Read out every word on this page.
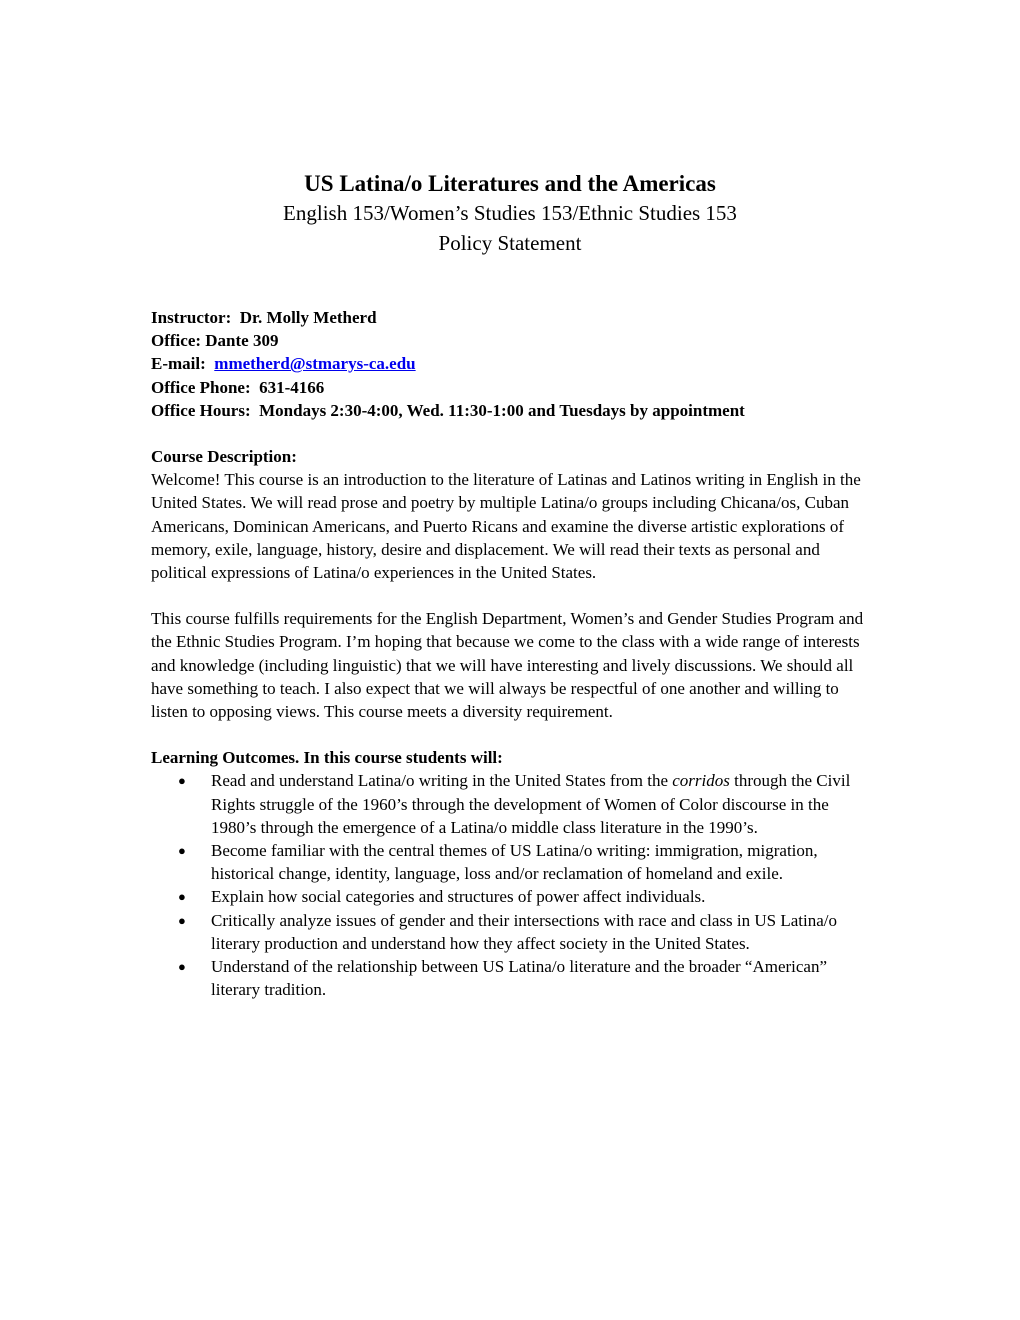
US Latina/o Literatures and the Americas
English 153/Women’s Studies 153/Ethnic Studies 153
Policy Statement
Instructor: Dr. Molly Metherd
Office: Dante 309
E-mail: mmetherd@stmarys-ca.edu
Office Phone: 631-4166
Office Hours: Mondays 2:30-4:00, Wed. 11:30-1:00 and Tuesdays by appointment
Course Description:

Welcome! This course is an introduction to the literature of Latinas and Latinos writing in English in the United States. We will read prose and poetry by multiple Latina/o groups including Chicana/os, Cuban Americans, Dominican Americans, and Puerto Ricans and examine the diverse artistic explorations of memory, exile, language, history, desire and displacement. We will read their texts as personal and political expressions of Latina/o experiences in the United States.

This course fulfills requirements for the English Department, Women’s and Gender Studies Program and the Ethnic Studies Program. I’m hoping that because we come to the class with a wide range of interests and knowledge (including linguistic) that we will have interesting and lively discussions. We should all have something to teach. I also expect that we will always be respectful of one another and willing to listen to opposing views. This course meets a diversity requirement.

Learning Outcomes. In this course students will:
● Read and understand Latina/o writing in the United States from the corridos through the Civil Rights struggle of the 1960’s through the development of Women of Color discourse in the 1980’s through the emergence of a Latina/o middle class literature in the 1990’s.
● Become familiar with the central themes of US Latina/o writing: immigration, migration, historical change, identity, language, loss and/or reclamation of homeland and exile.
● Explain how social categories and structures of power affect individuals.
● Critically analyze issues of gender and their intersections with race and class in US Latina/o literary production and understand how they affect society in the United States.
● Understand of the relationship between US Latina/o literature and the broader “American” literary tradition.
